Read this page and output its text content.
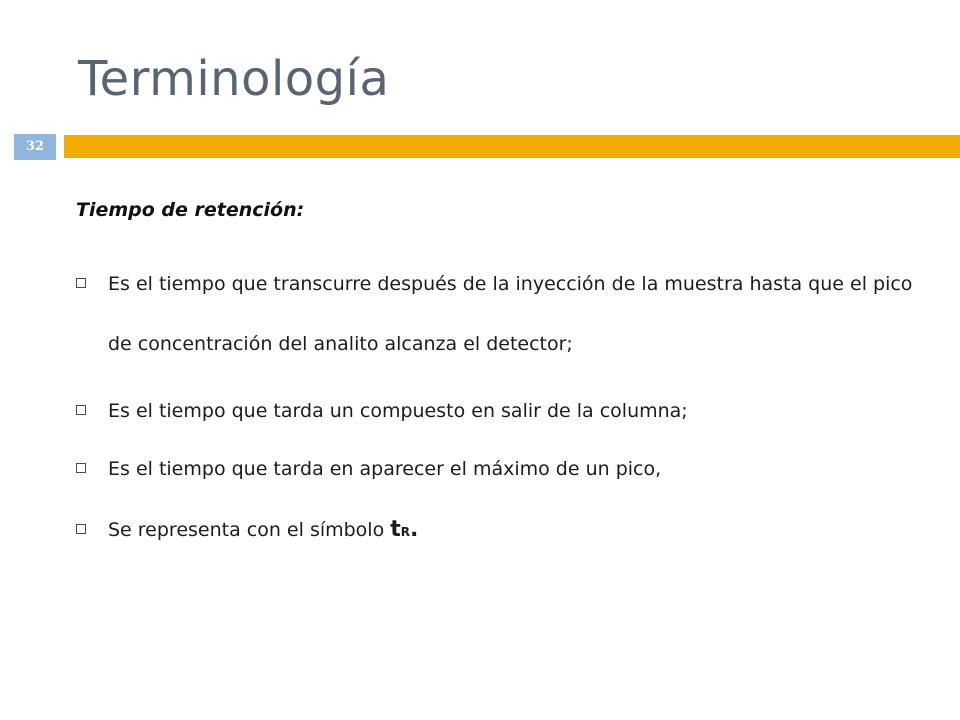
Terminología
32

Tiempo de retención:

Es el tiempo que transcurre después de la inyección de la muestra hasta que el pico de concentración del analito alcanza el detector;
Es el tiempo que tarda un compuesto en salir de la columna;
Es el tiempo que tarda en aparecer el máximo de un pico,
Se representa con el símbolo tR.
